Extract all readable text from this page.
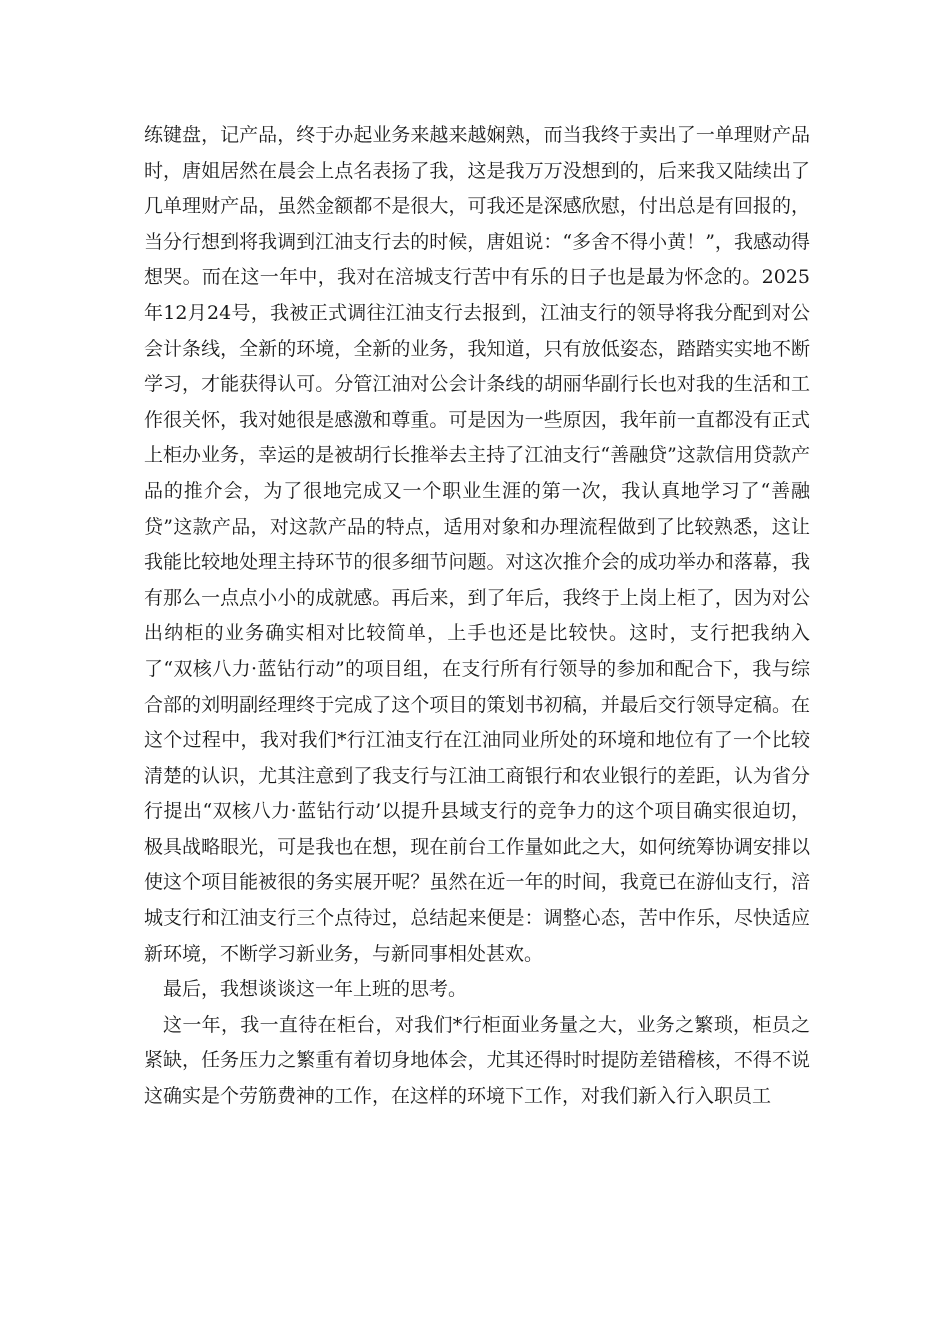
练键盘，记产品，终于办起业务来越来越娴熟，而当我终于卖出了一单理财产品时，唐姐居然在晨会上点名表扬了我，这是我万万没想到的，后来我又陆续出了几单理财产品，虽然金额都不是很大，可我还是深感欣慰，付出总是有回报的，当分行想到将我调到江油支行去的时候，唐姐说：“多舍不得小黄！”，我感动得想哭。而在这一年中，我对在涪城支行苦中有乐的日子也是最为怀念的。2025年12月24号，我被正式调往江油支行去报到，江油支行的领导将我分配到对公会计条线，全新的环境，全新的业务，我知道，只有放低姿态，踏踏实实地不断学习，才能获得认可。分管江油对公会计条线的胡丽华副行长也对我的生活和工作很关怀，我对她很是感激和尊重。可是因为一些原因，我年前一直都没有正式上柜办业务，幸运的是被胡行长推举去主持了江油支行“善融贷”这款信用贷款产品的推介会，为了很地完成又一个职业生涯的第一次，我认真地学习了“善融贷”这款产品，对这款产品的特点，适用对象和办理流程做到了比较熟悉，这让我能比较地处理主持环节的很多细节问题。对这次推介会的成功举办和落幕，我有那么一点点小小的成就感。再后来，到了年后，我终于上岗上柜了，因为对公出纳柜的业务确实相对比较简单，上手也还是比较快。这时，支行把我纳入了“双核八力·蓝钻行动”的项目组，在支行所有行领导的参加和配合下，我与综合部的刘明副经理终于完成了这个项目的策划书初稿，并最后交行领导定稿。在这个过程中，我对我们*行江油支行在江油同业所处的环境和地位有了一个比较清楚的认识，尤其注意到了我支行与江油工商银行和农业银行的差距，认为省分行提出“双核八力·蓝钻行动’以提升县域支行的竞争力的这个项目确实很迫切，极具战略眼光，可是我也在想，现在前台工作量如此之大，如何统筹协调安排以使这个项目能被很的务实展开呢？虽然在近一年的时间，我竟已在游仙支行，涪城支行和江油支行三个点待过，总结起来便是：调整心态，苦中作乐，尽快适应新环境，不断学习新业务，与新同事相处甚欢。

最后，我想谈谈这一年上班的思考。

这一年，我一直待在柜台，对我们*行柜面业务量之大，业务之繁琐，柜员之紧缺，任务压力之繁重有着切身地体会，尤其还得时时提防差错稽核，不得不说这确实是个劳筋费神的工作，在这样的环境下工作，对我们新入行入职员工
